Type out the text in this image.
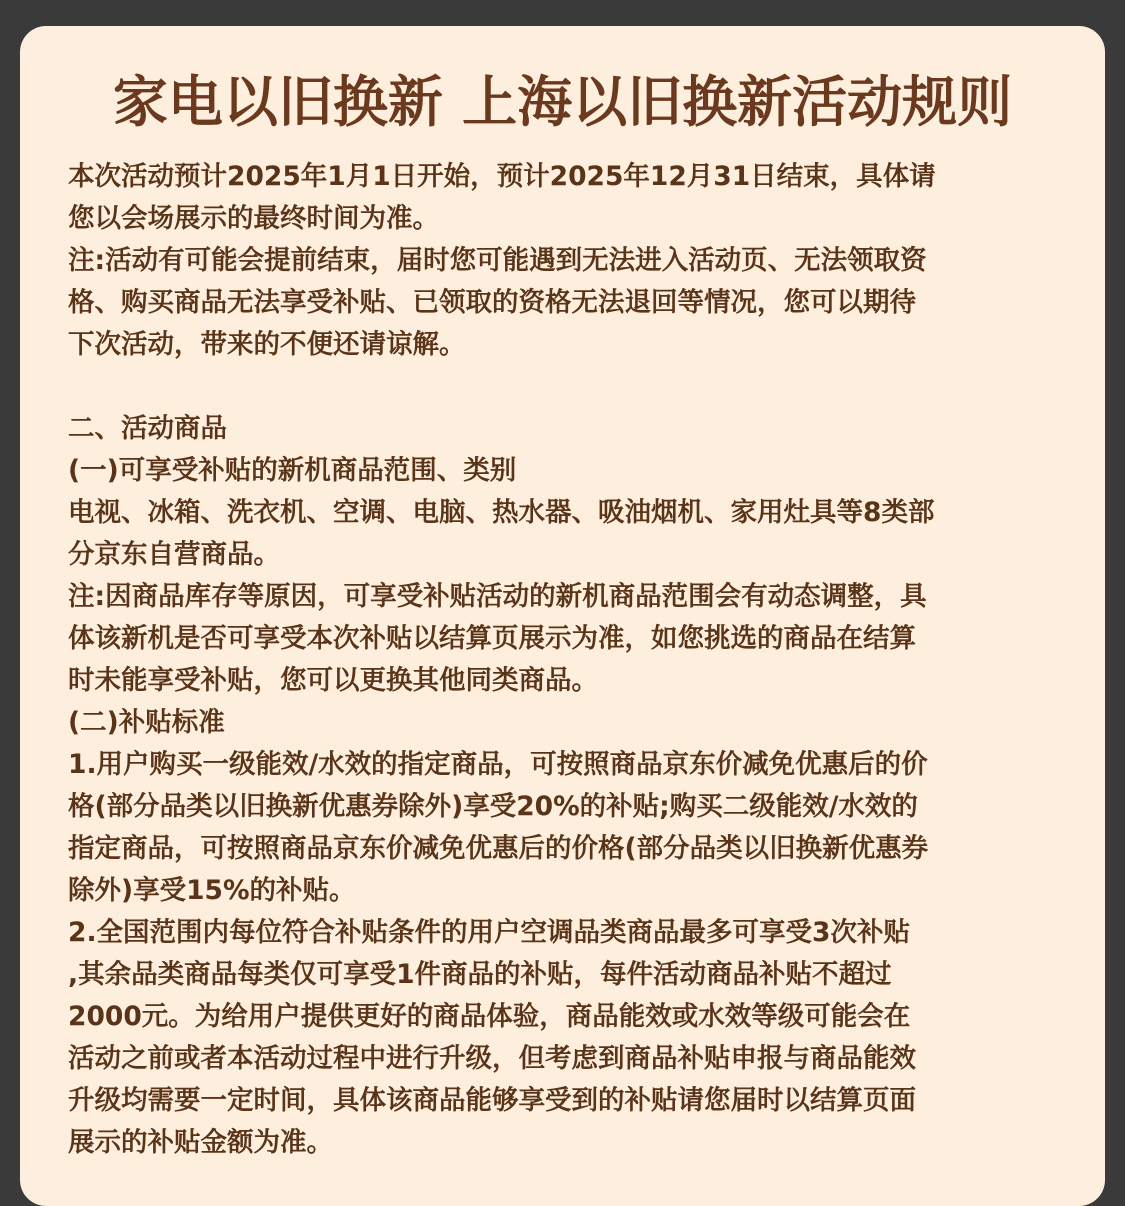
家电以旧换新 上海以旧换新活动规则
本次活动预计2025年1月1日开始，预计2025年12月31日结束，具体请
您以会场展示的最终时间为准。
注:活动有可能会提前结束，届时您可能遇到无法进入活动页、无法领取资
格、购买商品无法享受补贴、已领取的资格无法退回等情况，您可以期待
下次活动，带来的不便还请谅解。
二、活动商品
(一)可享受补贴的新机商品范围、类别
电视、冰箱、洗衣机、空调、电脑、热水器、吸油烟机、家用灶具等8类部
分京东自营商品。
注:因商品库存等原因，可享受补贴活动的新机商品范围会有动态调整，具
体该新机是否可享受本次补贴以结算页展示为准，如您挑选的商品在结算
时未能享受补贴，您可以更换其他同类商品。
(二)补贴标准
1.用户购买一级能效/水效的指定商品，可按照商品京东价减免优惠后的价
格(部分品类以旧换新优惠券除外)享受20%的补贴;购买二级能效/水效的
指定商品，可按照商品京东价减免优惠后的价格(部分品类以旧换新优惠券
除外)享受15%的补贴。
2.全国范围内每位符合补贴条件的用户空调品类商品最多可享受3次补贴
,其余品类商品每类仅可享受1件商品的补贴，每件活动商品补贴不超过
2000元。为给用户提供更好的商品体验，商品能效或水效等级可能会在
活动之前或者本活动过程中进行升级，但考虑到商品补贴申报与商品能效
升级均需要一定时间，具体该商品能够享受到的补贴请您届时以结算页面
展示的补贴金额为准。
